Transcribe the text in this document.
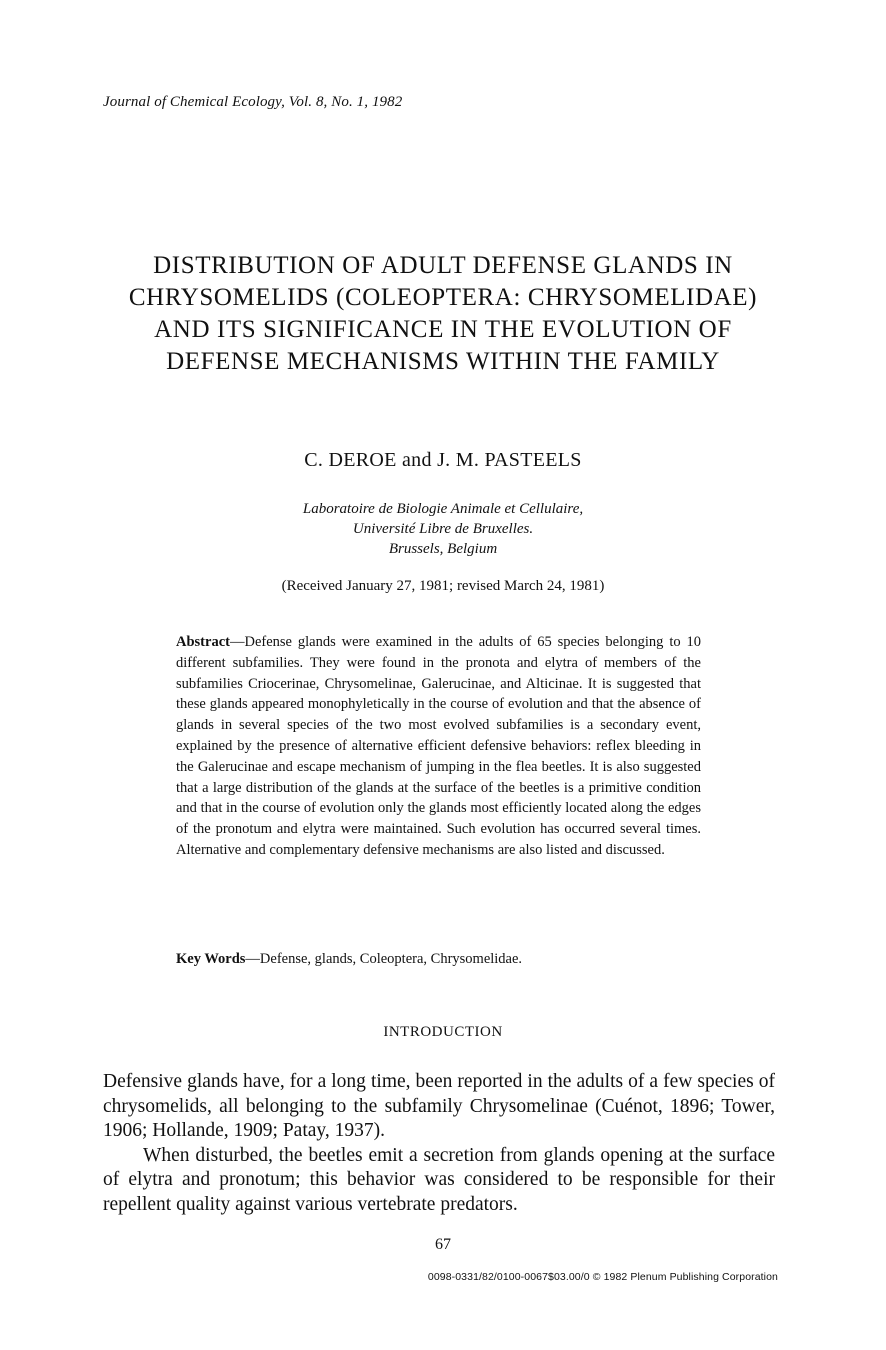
Journal of Chemical Ecology, Vol. 8, No. 1, 1982
DISTRIBUTION OF ADULT DEFENSE GLANDS IN
CHRYSOMELIDS (COLEOPTERA: CHRYSOMELIDAE)
AND ITS SIGNIFICANCE IN THE EVOLUTION OF
DEFENSE MECHANISMS WITHIN THE FAMILY
C. DEROE and J. M. PASTEELS
Laboratoire de Biologie Animale et Cellulaire,
Université Libre de Bruxelles.
Brussels, Belgium
(Received January 27, 1981; revised March 24, 1981)
Abstract—Defense glands were examined in the adults of 65 species belonging to 10 different subfamilies. They were found in the pronota and elytra of members of the subfamilies Criocerinae, Chrysomelinae, Galerucinae, and Alticinae. It is suggested that these glands appeared monophyletically in the course of evolution and that the absence of glands in several species of the two most evolved subfamilies is a secondary event, explained by the presence of alternative efficient defensive behaviors: reflex bleeding in the Galerucinae and escape mechanism of jumping in the flea beetles. It is also suggested that a large distribution of the glands at the surface of the beetles is a primitive condition and that in the course of evolution only the glands most efficiently located along the edges of the pronotum and elytra were maintained. Such evolution has occurred several times. Alternative and complementary defensive mechanisms are also listed and discussed.
Key Words—Defense, glands, Coleoptera, Chrysomelidae.
INTRODUCTION

Defensive glands have, for a long time, been reported in the adults of a few species of chrysomelids, all belonging to the subfamily Chrysomelinae (Cuénot, 1896; Tower, 1906; Hollande, 1909; Patay, 1937).

When disturbed, the beetles emit a secretion from glands opening at the surface of elytra and pronotum; this behavior was considered to be responsible for their repellent quality against various vertebrate predators.

67
0098-0331/82/0100-0067$03.00/0 © 1982 Plenum Publishing Corporation
